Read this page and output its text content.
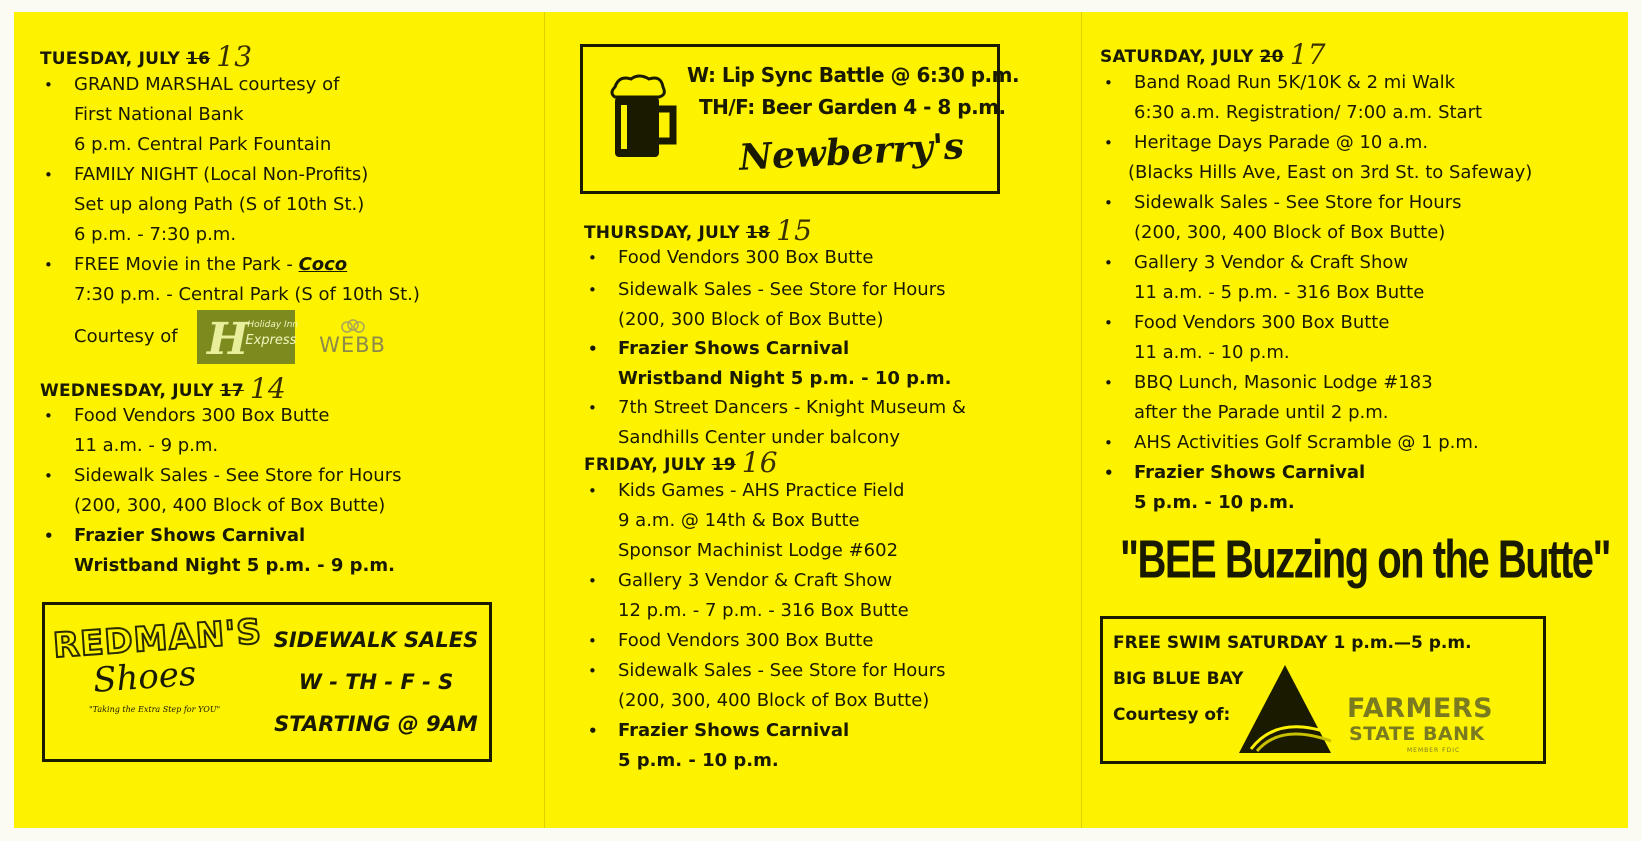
TUESDAY, JULY 16 13
• GRAND MARSHAL courtesy of
First National Bank
6 p.m. Central Park Fountain
• FAMILY NIGHT (Local Non-Profits)
Set up along Path (S of 10th St.)
6 p.m. - 7:30 p.m.
• FREE Movie in the Park - Coco
7:30 p.m. - Central Park (S of 10th St.)
Courtesy of H
Holiday Inn
Express
WEBB
WEDNESDAY, JULY 17 14
• Food Vendors 300 Box Butte
11 a.m. - 9 p.m.
• Sidewalk Sales - See Store for Hours
(200, 300, 400 Block of Box Butte)
• Frazier Shows Carnival
Wristband Night 5 p.m. - 9 p.m.
REDMAN'S
Shoes
"Taking the Extra Step for YOU"
SIDEWALK SALES
W - TH - F - S
STARTING @ 9AM
W: Lip Sync Battle @ 6:30 p.m.
TH/F: Beer Garden 4 - 8 p.m.
Newberry's
THURSDAY, JULY 18 15
• Food Vendors 300 Box Butte
• Sidewalk Sales - See Store for Hours
(200, 300 Block of Box Butte)
• Frazier Shows Carnival
Wristband Night 5 p.m. - 10 p.m.
• 7th Street Dancers - Knight Museum &
Sandhills Center under balcony
FRIDAY, JULY 19 16
• Kids Games - AHS Practice Field
9 a.m. @ 14th & Box Butte
Sponsor Machinist Lodge #602
• Gallery 3 Vendor & Craft Show
12 p.m. - 7 p.m. - 316 Box Butte
• Food Vendors 300 Box Butte
• Sidewalk Sales - See Store for Hours
(200, 300, 400 Block of Box Butte)
• Frazier Shows Carnival
5 p.m. - 10 p.m.
SATURDAY, JULY 20 17
• Band Road Run 5K/10K & 2 mi Walk
6:30 a.m. Registration/ 7:00 a.m. Start
• Heritage Days Parade @ 10 a.m.
(Blacks Hills Ave, East on 3rd St. to Safeway)
• Sidewalk Sales - See Store for Hours
(200, 300, 400 Block of Box Butte)
• Gallery 3 Vendor & Craft Show
11 a.m. - 5 p.m. - 316 Box Butte
• Food Vendors 300 Box Butte
11 a.m. - 10 p.m.
• BBQ Lunch, Masonic Lodge #183
after the Parade until 2 p.m.
• AHS Activities Golf Scramble @ 1 p.m.
• Frazier Shows Carnival
5 p.m. - 10 p.m.
"BEE Buzzing on the Butte"
FREE SWIM SATURDAY 1 p.m.—5 p.m.
BIG BLUE BAY
Courtesy of:	FARMERS
STATE BANK
MEMBER FDIC
